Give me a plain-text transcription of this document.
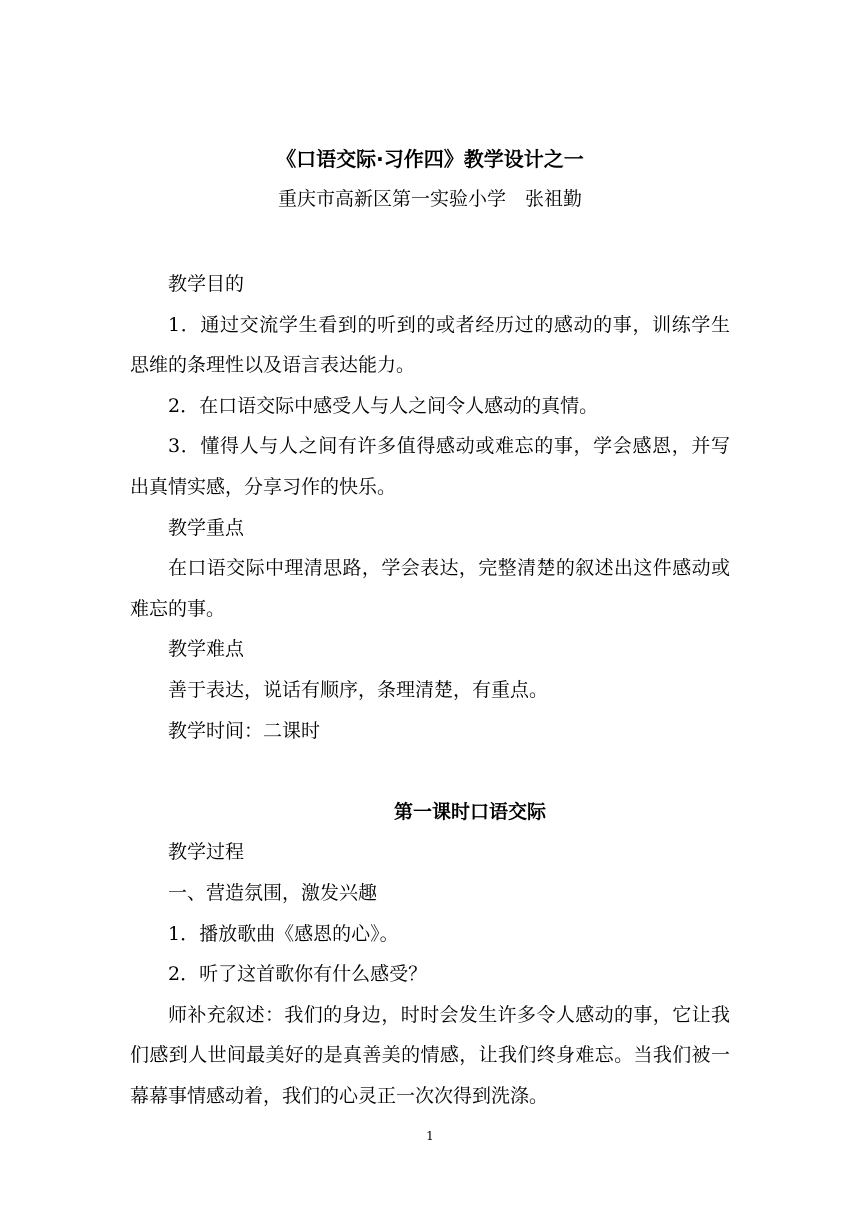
《口语交际·习作四》教学设计之一
重庆市高新区第一实验小学　张祖勤

教学目的

1．通过交流学生看到的听到的或者经历过的感动的事，训练学生思维的条理性以及语言表达能力。

2．在口语交际中感受人与人之间令人感动的真情。

3．懂得人与人之间有许多值得感动或难忘的事，学会感恩，并写出真情实感，分享习作的快乐。

教学重点

在口语交际中理清思路，学会表达，完整清楚的叙述出这件感动或难忘的事。

教学难点

善于表达，说话有顺序，条理清楚，有重点。

教学时间：二课时

第一课时口语交际

教学过程

一、营造氛围，激发兴趣

1．播放歌曲《感恩的心》。

2．听了这首歌你有什么感受？

师补充叙述：我们的身边，时时会发生许多令人感动的事，它让我们感到人世间最美好的是真善美的情感，让我们终身难忘。当我们被一幕幕事情感动着，我们的心灵正一次次得到洗涤。

1
